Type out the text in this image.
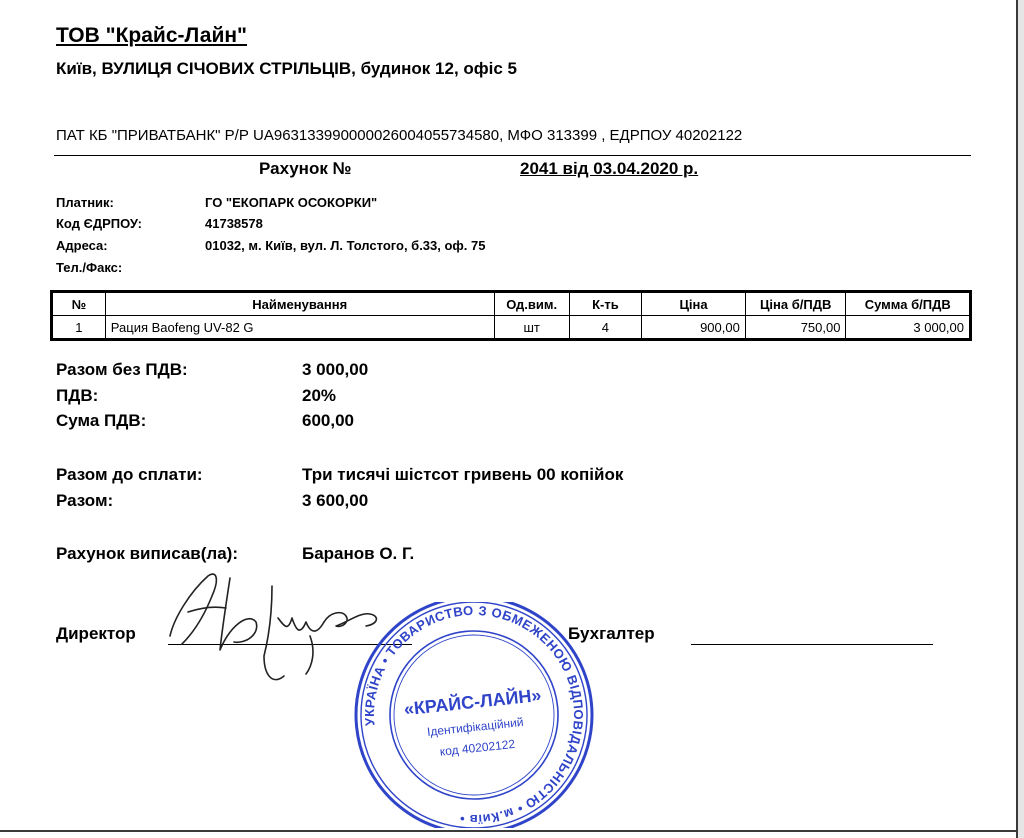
ТОВ "Крайс-Лайн"
Київ, ВУЛИЦЯ СІЧОВИХ СТРІЛЬЦІВ, будинок 12, офіс 5
ПАТ КБ "ПРИВАТБАНК" Р/Р UA963133990000026004055734580, МФО 313399 , ЕДРПОУ 40202122
Рахунок №	2041 від 03.04.2020 р.
Платник:	ГО "ЕКОПАРК ОСОКОРКИ"
Код ЄДРПОУ:	41738578
Адреса:	01032, м. Київ, вул. Л. Толстого, б.33, оф. 75
Тел./Факс:
№	Найменування	Од.вим.	К-ть	Ціна	Ціна б/ПДВ	Сумма б/ПДВ
1	Рация Baofeng UV-82 G	шт	4	900,00	750,00	3 000,00
Разом без ПДВ:	3 000,00
ПДВ:	20%
Сума ПДВ:	600,00
Разом до сплати:	Три тисячі шістсот гривень 00 копійок
Разом:	3 600,00
Рахунок виписав(ла):	Баранов О. Г.
Директор	Бухгалтер
УКРАЇНА • ТОВАРИСТВО З ОБМЕЖЕНОЮ ВІДПОВІДАЛЬНІСТЮ • м.Київ •
«КРАЙС-ЛАЙН»
Ідентифікаційний
код 40202122
